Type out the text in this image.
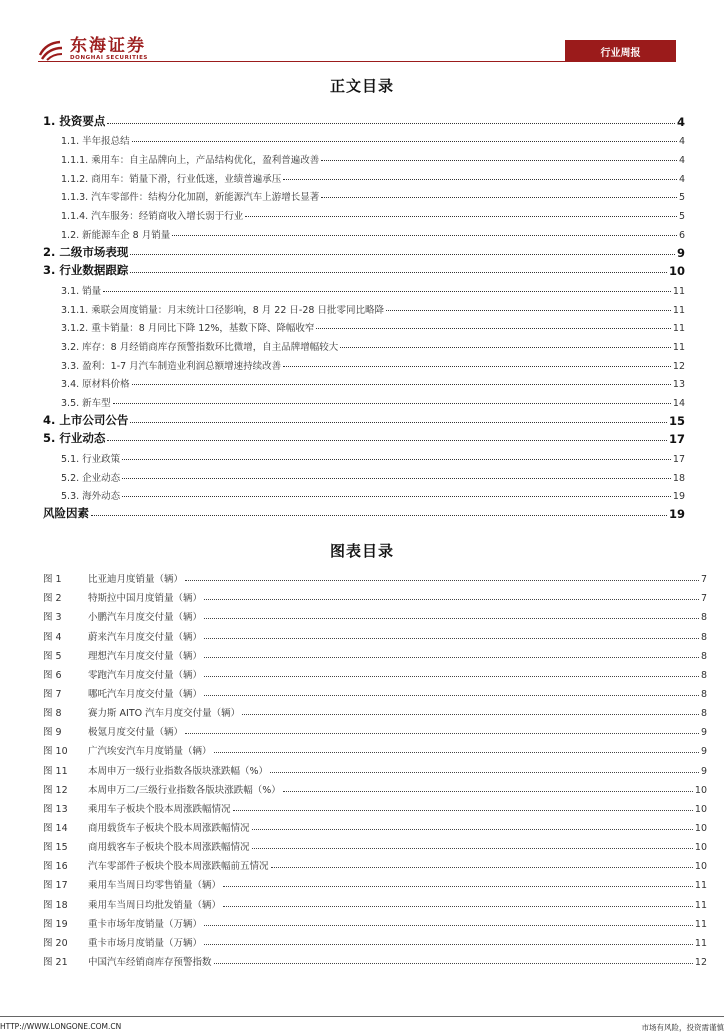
东海证券
DONGHAI SECURITIES	行业周报
正文目录
1. 投资要点	4
1.1. 半年报总结	4
1.1.1. 乘用车：自主品牌向上，产品结构优化，盈利普遍改善	4
1.1.2. 商用车：销量下滑，行业低迷，业绩普遍承压	4
1.1.3. 汽车零部件：结构分化加剧，新能源汽车上游增长显著	5
1.1.4. 汽车服务：经销商收入增长弱于行业	5
1.2. 新能源车企 8 月销量	6
2. 二级市场表现	9
3. 行业数据跟踪	10
3.1. 销量	11
3.1.1. 乘联会周度销量：月末统计口径影响，8 月 22 日-28 日批零同比略降	11
3.1.2. 重卡销量：8 月同比下降 12%，基数下降、降幅收窄	11
3.2. 库存：8 月经销商库存预警指数环比微增，自主品牌增幅较大	11
3.3. 盈利：1-7 月汽车制造业利润总额增速持续改善	12
3.4. 原材料价格	13
3.5. 新车型	14
4. 上市公司公告	15
5. 行业动态	17
5.1. 行业政策	17
5.2. 企业动态	18
5.3. 海外动态	19
风险因素	19
图表目录
图 1	比亚迪月度销量（辆）	7
图 2	特斯拉中国月度销量（辆）	7
图 3	小鹏汽车月度交付量（辆）	8
图 4	蔚来汽车月度交付量（辆）	8
图 5	理想汽车月度交付量（辆）	8
图 6	零跑汽车月度交付量（辆）	8
图 7	哪吒汽车月度交付量（辆）	8
图 8	赛力斯 AITO 汽车月度交付量（辆）	8
图 9	极氪月度交付量（辆）	9
图 10	广汽埃安汽车月度销量（辆）	9
图 11	本周申万一级行业指数各版块涨跌幅（%）	9
图 12	本周申万二/三级行业指数各版块涨跌幅（%）	10
图 13	乘用车子板块个股本周涨跌幅情况	10
图 14	商用载货车子板块个股本周涨跌幅情况	10
图 15	商用载客车子板块个股本周涨跌幅情况	10
图 16	汽车零部件子板块个股本周涨跌幅前五情况	10
图 17	乘用车当周日均零售销量（辆）	11
图 18	乘用车当周日均批发销量（辆）	11
图 19	重卡市场年度销量（万辆）	11
图 20	重卡市场月度销量（万辆）	11
图 21	中国汽车经销商库存预警指数	12
HTTP://WWW.LONGONE.COM.CN	市场有风险，投资需谨慎
